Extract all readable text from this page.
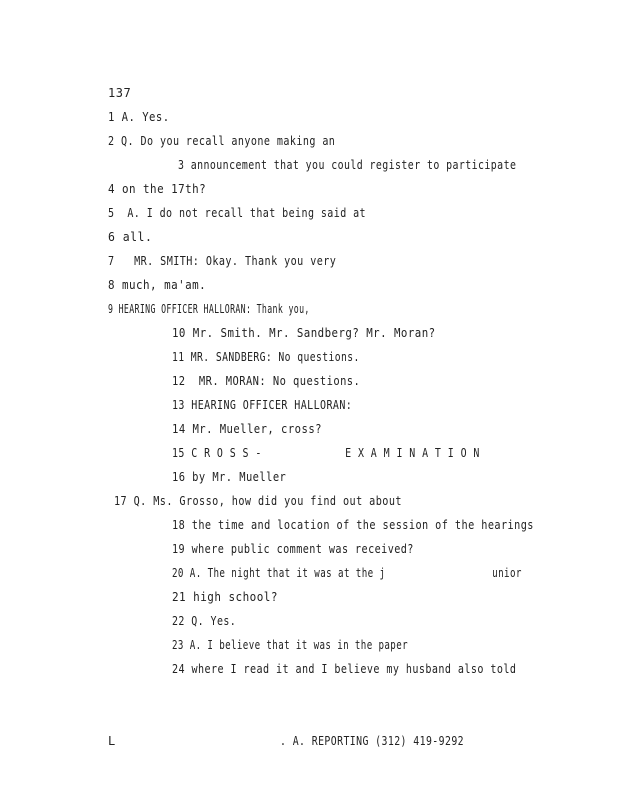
137
1 A. Yes.
2 Q. Do you recall anyone making an
3 announcement that you could register to participate
4 on the 17th?
5  A. I do not recall that being said at
6 all.
7   MR. SMITH: Okay. Thank you very
8 much, ma'am.
9 HEARING OFFICER HALLORAN: Thank you,
10 Mr. Smith. Mr. Sandberg? Mr. Moran?
11 MR. SANDBERG: No questions.
12  MR. MORAN: No questions.
13 HEARING OFFICER HALLORAN:
14 Mr. Mueller, cross?
15 C R O S S -             E X A M I N A T I O N
16 by Mr. Mueller
17 Q. Ms. Grosso, how did you find out about
18 the time and location of the session of the hearings
19 where public comment was received?
20 A. The night that it was at the j                  unior
21 high school?
22 Q. Yes.
23 A. I believe that it was in the paper
24 where I read it and I believe my husband also told
L	. A. REPORTING (312) 419-9292
